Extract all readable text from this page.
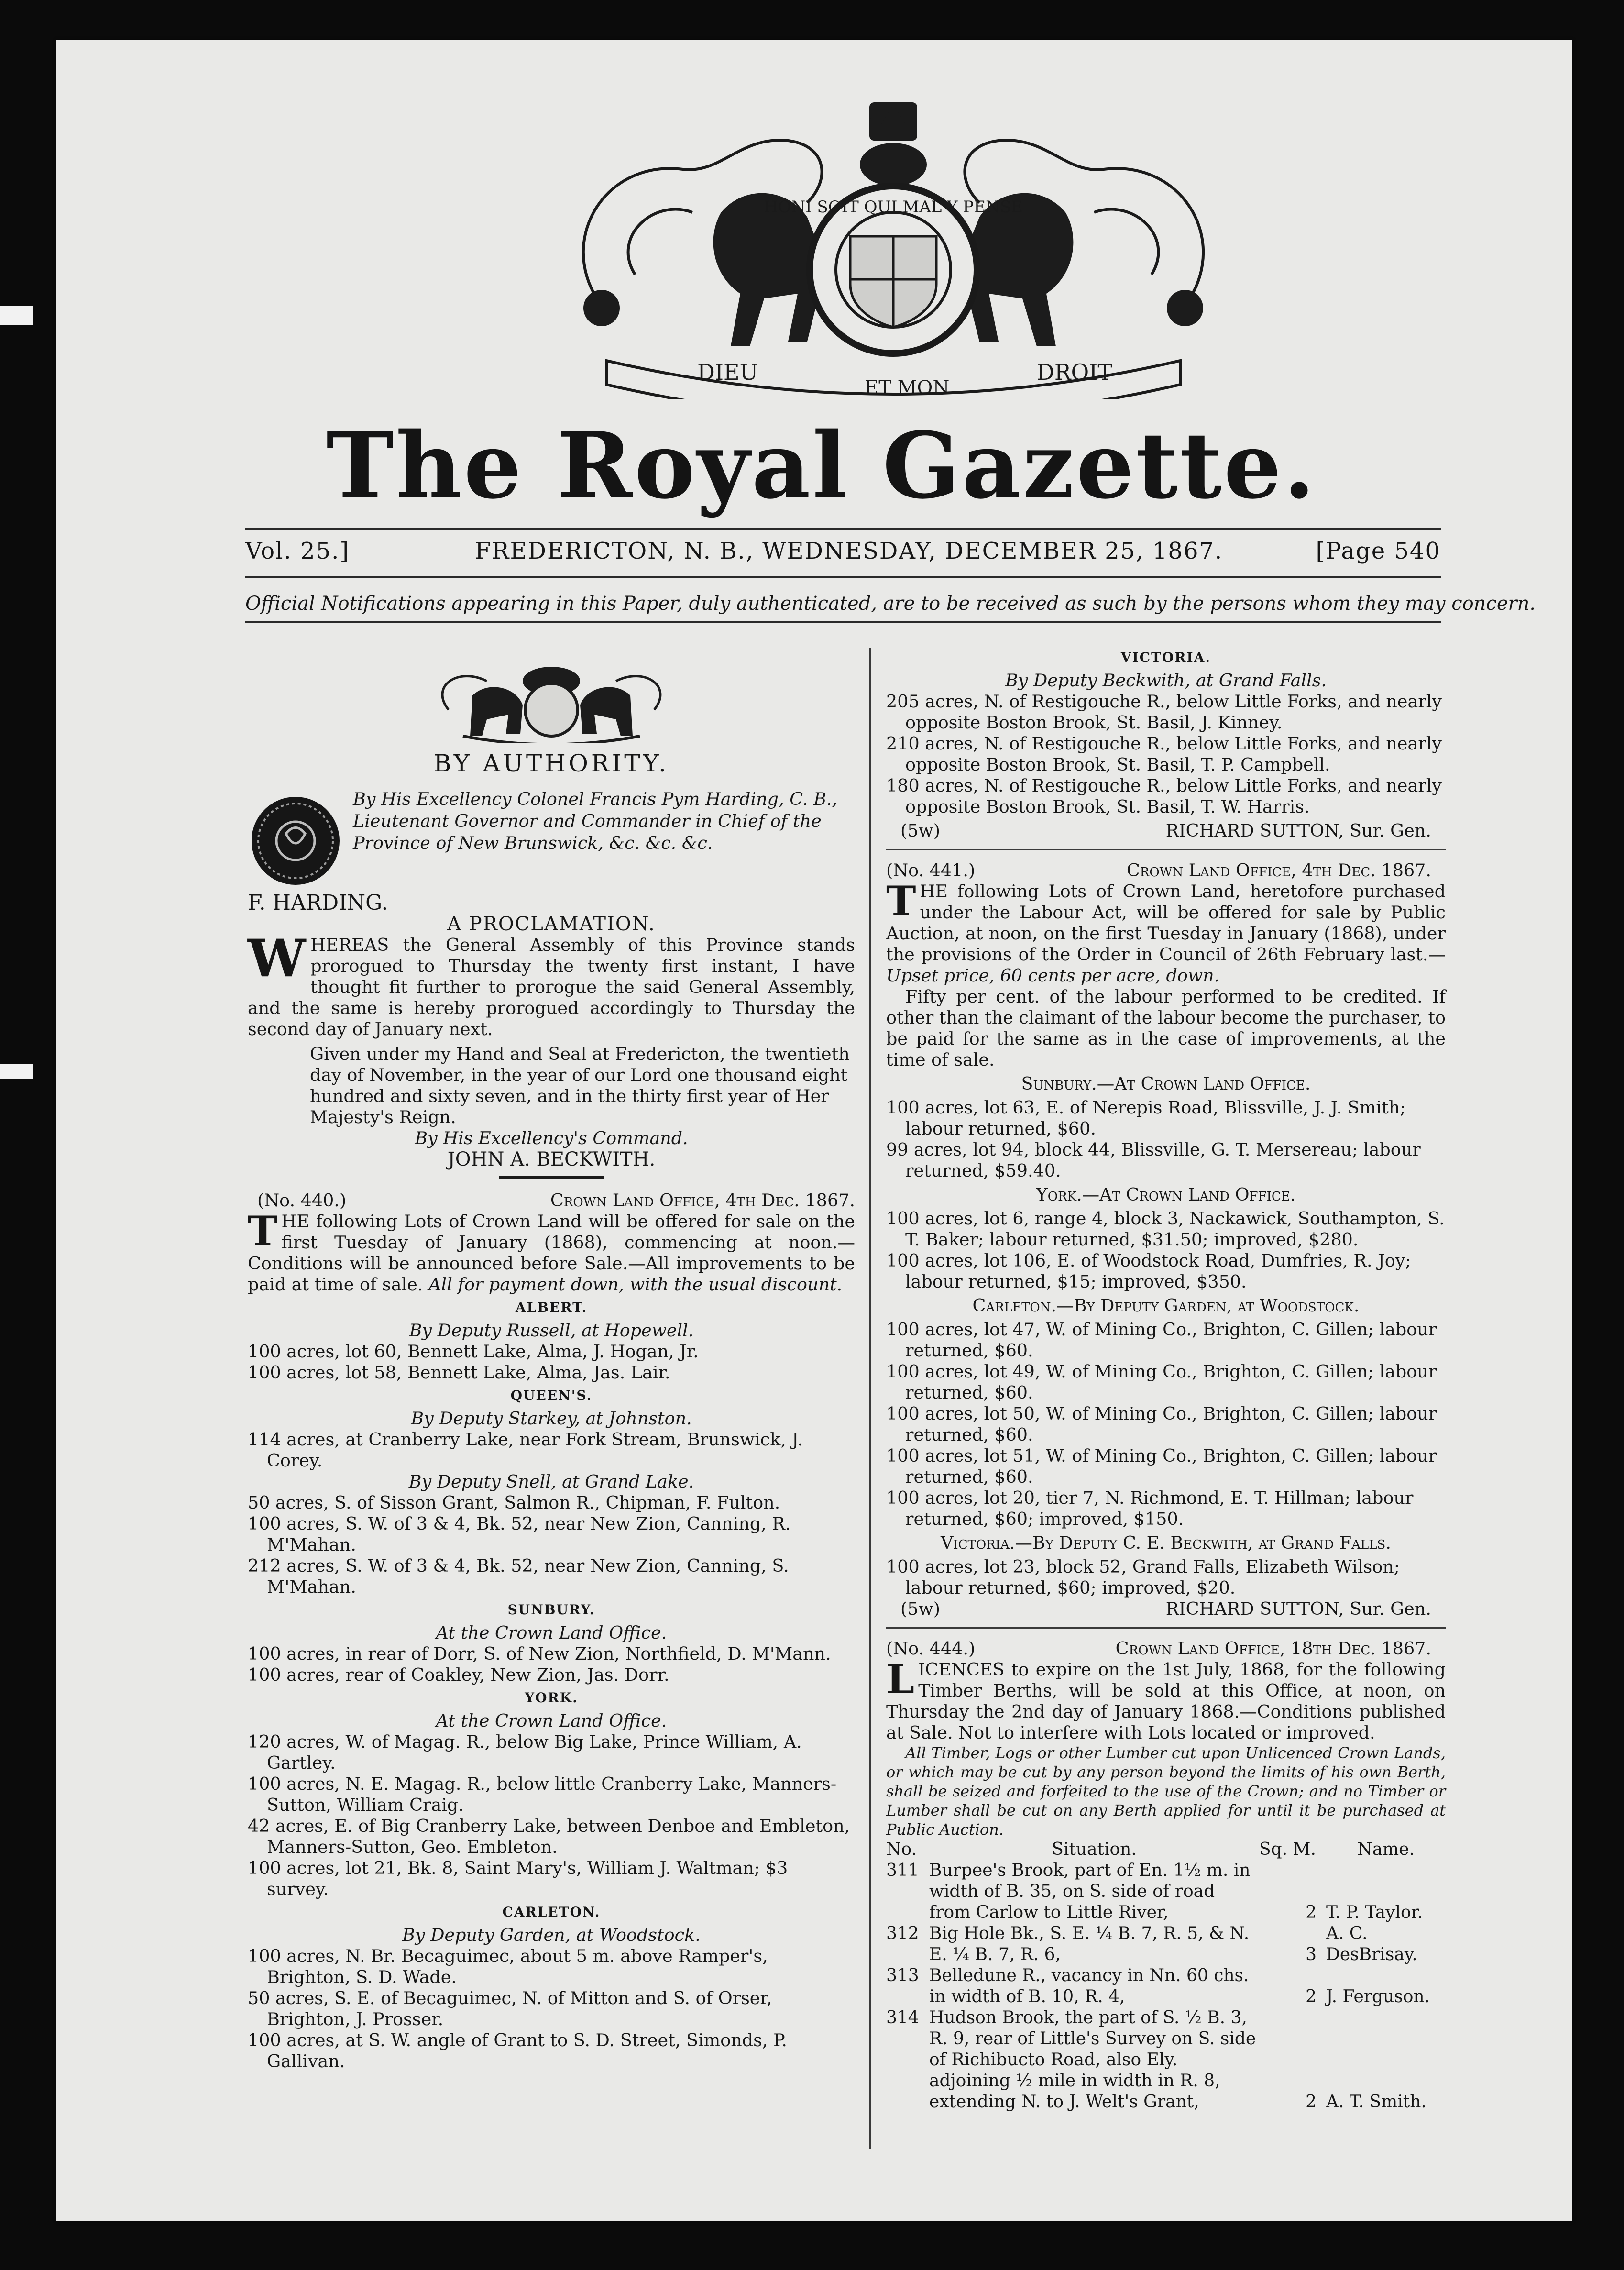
HONI SOIT QUI MAL Y PENSE
DIEU
ET MON
DROIT
The Royal Gazette.
Vol. 25.]	FREDERICTON, N. B., WEDNESDAY, DECEMBER 25, 1867.	[Page 540
Official Notifications appearing in this Paper, duly authenticated, are to be received as such by the persons whom they may concern.

BY AUTHORITY.

By His Excellency Colonel Francis Pym Harding, C. B., Lieutenant Governor and Commander in Chief of the Province of New Brunswick, &c. &c. &c.

F. HARDING.

A PROCLAMATION.

WHEREAS the General Assembly of this Province stands prorogued to Thursday the twenty first instant, I have thought fit further to prorogue the said General Assembly, and the same is hereby prorogued accordingly to Thursday the second day of January next.

Given under my Hand and Seal at Fredericton, the twentieth day of November, in the year of our Lord one thousand eight hundred and sixty seven, and in the thirty first year of Her Majesty's Reign.

By His Excellency's Command.

JOHN A. BECKWITH.

(No. 440.)	Crown Land Office, 4th Dec. 1867.

THE following Lots of Crown Land will be offered for sale on the first Tuesday of January (1868), commencing at noon.—Conditions will be announced before Sale.—All improvements to be paid at time of sale. All for payment down, with the usual discount.

ALBERT.

By Deputy Russell, at Hopewell.

100 acres, lot 60, Bennett Lake, Alma, J. Hogan, Jr.

100 acres, lot 58, Bennett Lake, Alma, Jas. Lair.

QUEEN'S.

By Deputy Starkey, at Johnston.

114 acres, at Cranberry Lake, near Fork Stream, Brunswick, J. Corey.

By Deputy Snell, at Grand Lake.

50 acres, S. of Sisson Grant, Salmon R., Chipman, F. Fulton.

100 acres, S. W. of 3 & 4, Bk. 52, near New Zion, Canning, R. M'Mahan.

212 acres, S. W. of 3 & 4, Bk. 52, near New Zion, Canning, S. M'Mahan.

SUNBURY.

At the Crown Land Office.

100 acres, in rear of Dorr, S. of New Zion, Northfield, D. M'Mann.

100 acres, rear of Coakley, New Zion, Jas. Dorr.

YORK.

At the Crown Land Office.

120 acres, W. of Magag. R., below Big Lake, Prince William, A. Gartley.

100 acres, N. E. Magag. R., below little Cranberry Lake, Manners-Sutton, William Craig.

42 acres, E. of Big Cranberry Lake, between Denboe and Embleton, Manners-Sutton, Geo. Embleton.

100 acres, lot 21, Bk. 8, Saint Mary's, William J. Waltman; $3 survey.

CARLETON.

By Deputy Garden, at Woodstock.

100 acres, N. Br. Becaguimec, about 5 m. above Ramper's, Brighton, S. D. Wade.

50 acres, S. E. of Becaguimec, N. of Mitton and S. of Orser, Brighton, J. Prosser.

100 acres, at S. W. angle of Grant to S. D. Street, Simonds, P. Gallivan.

VICTORIA.

By Deputy Beckwith, at Grand Falls.

205 acres, N. of Restigouche R., below Little Forks, and nearly opposite Boston Brook, St. Basil, J. Kinney.

210 acres, N. of Restigouche R., below Little Forks, and nearly opposite Boston Brook, St. Basil, T. P. Campbell.

180 acres, N. of Restigouche R., below Little Forks, and nearly opposite Boston Brook, St. Basil, T. W. Harris.

(5w)	RICHARD SUTTON, Sur. Gen.
(No. 441.)	Crown Land Office, 4th Dec. 1867.

THE following Lots of Crown Land, heretofore purchased under the Labour Act, will be offered for sale by Public Auction, at noon, on the first Tuesday in January (1868), under the provisions of the Order in Council of 26th February last.— Upset price, 60 cents per acre, down.

Fifty per cent. of the labour performed to be credited. If other than the claimant of the labour become the purchaser, to be paid for the same as in the case of improvements, at the time of sale.

Sunbury.—At Crown Land Office.

100 acres, lot 63, E. of Nerepis Road, Blissville, J. J. Smith; labour returned, $60.

99 acres, lot 94, block 44, Blissville, G. T. Mersereau; labour returned, $59.40.

York.—At Crown Land Office.

100 acres, lot 6, range 4, block 3, Nackawick, Southampton, S. T. Baker; labour returned, $31.50; improved, $280.

100 acres, lot 106, E. of Woodstock Road, Dumfries, R. Joy; labour returned, $15; improved, $350.

Carleton.—By Deputy Garden, at Woodstock.

100 acres, lot 47, W. of Mining Co., Brighton, C. Gillen; labour returned, $60.

100 acres, lot 49, W. of Mining Co., Brighton, C. Gillen; labour returned, $60.

100 acres, lot 50, W. of Mining Co., Brighton, C. Gillen; labour returned, $60.

100 acres, lot 51, W. of Mining Co., Brighton, C. Gillen; labour returned, $60.

100 acres, lot 20, tier 7, N. Richmond, E. T. Hillman; labour returned, $60; improved, $150.

Victoria.—By Deputy C. E. Beckwith, at Grand Falls.

100 acres, lot 23, block 52, Grand Falls, Elizabeth Wilson; labour returned, $60; improved, $20.

(5w)	RICHARD SUTTON, Sur. Gen.
(No. 444.)	Crown Land Office, 18th Dec. 1867.

LICENCES to expire on the 1st July, 1868, for the following Timber Berths, will be sold at this Office, at noon, on Thursday the 2nd day of January 1868.—Conditions published at Sale. Not to interfere with Lots located or improved.

All Timber, Logs or other Lumber cut upon Unlicenced Crown Lands, or which may be cut by any person beyond the limits of his own Berth, shall be seized and forfeited to the use of the Crown; and no Timber or Lumber shall be cut on any Berth applied for until it be purchased at Public Auction.

No.	Situation.	Sq. M.	Name.
311	Burpee's Brook, part of En. 1½ m. in width of B. 35, on S. side of road from Carlow to Little River,	2	T. P. Taylor.
312	Big Hole Bk., S. E. ¼ B. 7, R. 5, & N. E. ¼ B. 7, R. 6,	3	A. C. DesBrisay.
313	Belledune R., vacancy in Nn. 60 chs. in width of B. 10, R. 4,	2	J. Ferguson.
314	Hudson Brook, the part of S. ½ B. 3, R. 9, rear of Little's Survey on S. side of Richibucto Road, also Ely. adjoining ½ mile in width in R. 8, extending N. to J. Welt's Grant,	2	A. T. Smith.
